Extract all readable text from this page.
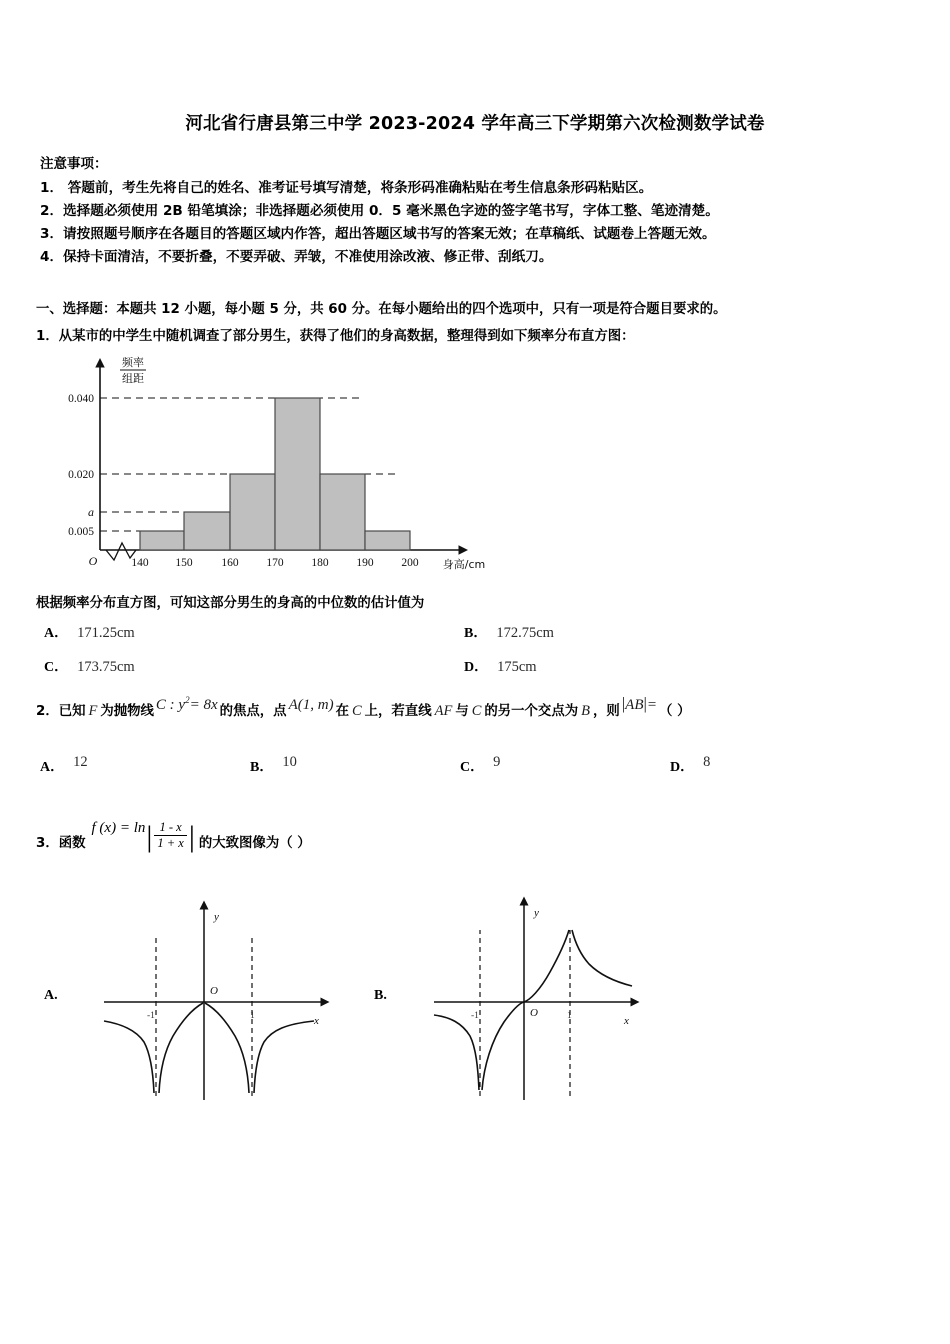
河北省行唐县第三中学 2023-2024 学年高三下学期第六次检测数学试卷
注意事项：
1． 答题前，考生先将自己的姓名、准考证号填写清楚，将条形码准确粘贴在考生信息条形码粘贴区。
2．选择题必须使用 2B 铅笔填涂；非选择题必须使用 0．5 毫米黑色字迹的签字笔书写，字体工整、笔迹清楚。
3．请按照题号顺序在各题目的答题区域内作答，超出答题区域书写的答案无效；在草稿纸、试题卷上答题无效。
4．保持卡面清洁，不要折叠，不要弄破、弄皱，不准使用涂改液、修正带、刮纸刀。
一、选择题：本题共 12 小题，每小题 5 分，共 60 分。在每小题给出的四个选项中，只有一项是符合题目要求的。
1．从某市的中学生中随机调查了部分男生，获得了他们的身高数据，整理得到如下频率分布直方图：
0.040
0.020
a
0.005
140 150	160 170 180 190 200
O	身高/cm
频率
组距
根据频率分布直方图，可知这部分男生的身高的中位数的估计值为
A． 171.25cm	B． 172.75cm
C． 173.75cm	D． 175cm
2． 已知 F 为抛物线 C : $y^2= 8x$ 的焦点，点 A(1, m) 在 C 上，若直线 AF 与 C 的另一个交点为 B ，则 |AB|= （ ）
A． 12	B． 10	C． 9	D． 8
3． 函数
f (x) = ln | $\frac{1 - x}{1 + x}$ | 的大致图像为（ ）
A.	O
y
x
-1	1
B.
O
y
x
-1	1
